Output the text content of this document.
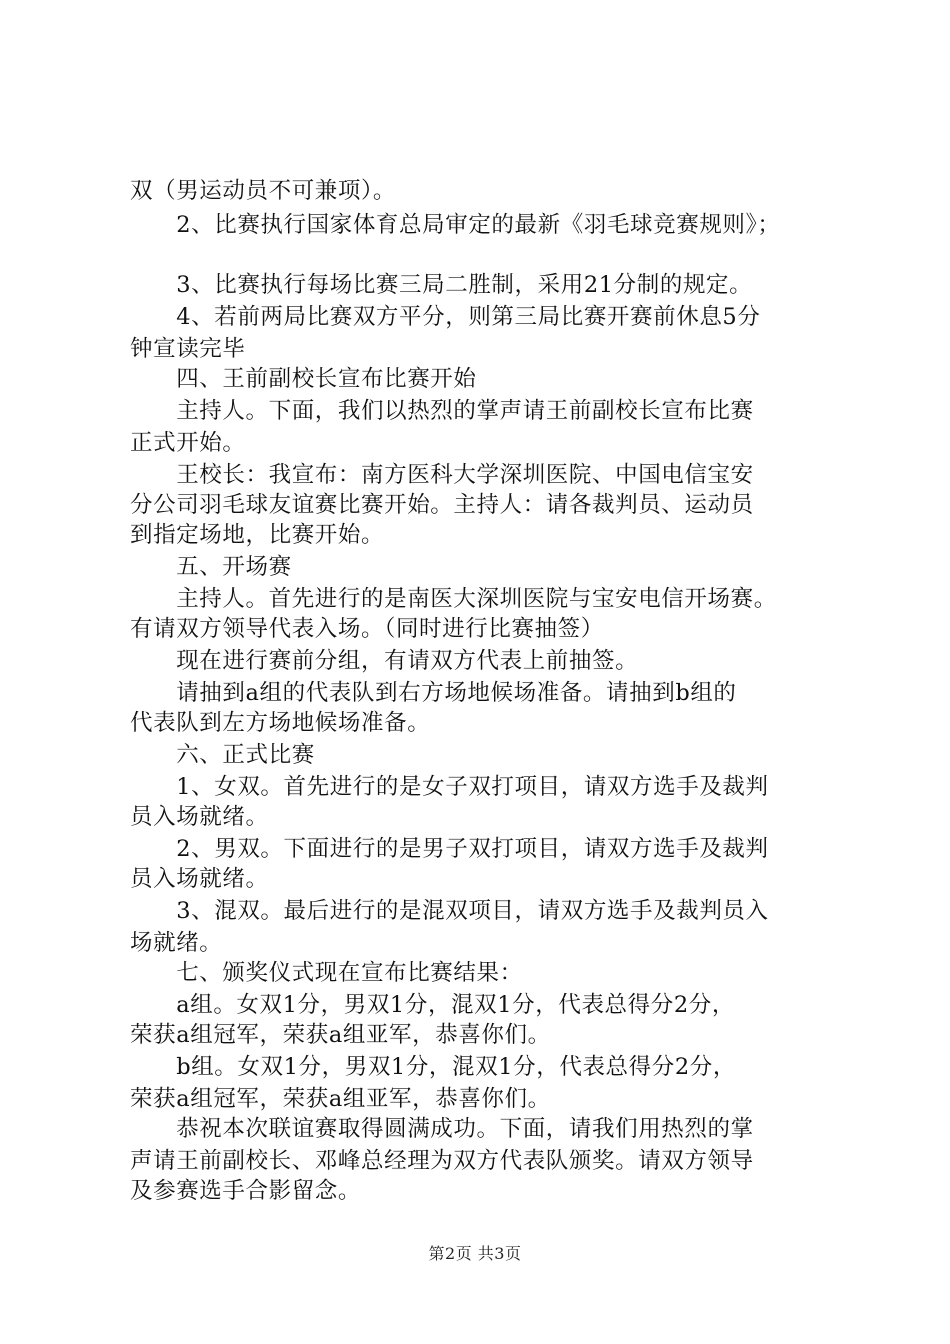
双（男运动员不可兼项）。
　　2、比赛执行国家体育总局审定的最新《羽毛球竞赛规则》；
　　3、比赛执行每场比赛三局二胜制，采用21分制的规定。
　　4、若前两局比赛双方平分，则第三局比赛开赛前休息5分
钟宣读完毕
　　四、王前副校长宣布比赛开始
　　主持人。下面，我们以热烈的掌声请王前副校长宣布比赛
正式开始。
　　王校长：我宣布：南方医科大学深圳医院、中国电信宝安
分公司羽毛球友谊赛比赛开始。主持人：请各裁判员、运动员
到指定场地，比赛开始。
　　五、开场赛
　　主持人。首先进行的是南医大深圳医院与宝安电信开场赛。
有请双方领导代表入场。（同时进行比赛抽签）
　　现在进行赛前分组，有请双方代表上前抽签。
　　请抽到a组的代表队到右方场地候场准备。请抽到b组的
代表队到左方场地候场准备。
　　六、正式比赛
　　1、女双。首先进行的是女子双打项目，请双方选手及裁判
员入场就绪。
　　2、男双。下面进行的是男子双打项目，请双方选手及裁判
员入场就绪。
　　3、混双。最后进行的是混双项目，请双方选手及裁判员入
场就绪。
　　七、颁奖仪式现在宣布比赛结果：
　　a组。女双1分，男双1分，混双1分，代表总得分2分，
荣获a组冠军，荣获a组亚军，恭喜你们。
　　b组。女双1分，男双1分，混双1分，代表总得分2分，
荣获a组冠军，荣获a组亚军，恭喜你们。
　　恭祝本次联谊赛取得圆满成功。下面，请我们用热烈的掌
声请王前副校长、邓峰总经理为双方代表队颁奖。请双方领导
及参赛选手合影留念。
第2页 共3页
